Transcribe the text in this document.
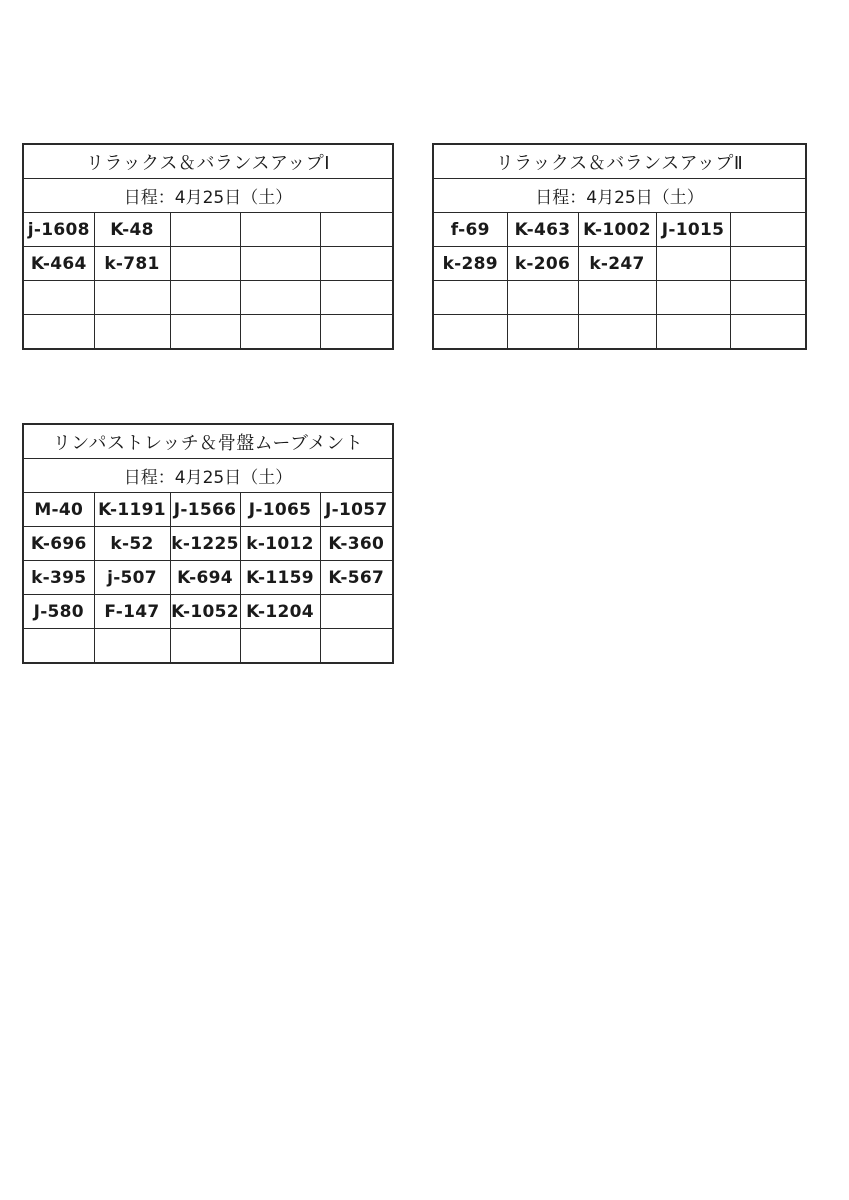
リラックス＆バランスアップⅠ				
日程：4月25日（土）				
j-1608	K-48			
K-464	k-781			

リラックス＆バランスアップⅡ				
日程：4月25日（土）				
f-69	K-463	K-1002	J-1015	
k-289	k-206	k-247		

リンパストレッチ＆骨盤ムーブメント				
日程：4月25日（土）				
M-40	K-1191	J-1566	J-1065	J-1057
K-696	k-52	k-1225	k-1012	K-360
k-395	j-507	K-694	K-1159	K-567
J-580	F-147	K-1052	K-1204	
